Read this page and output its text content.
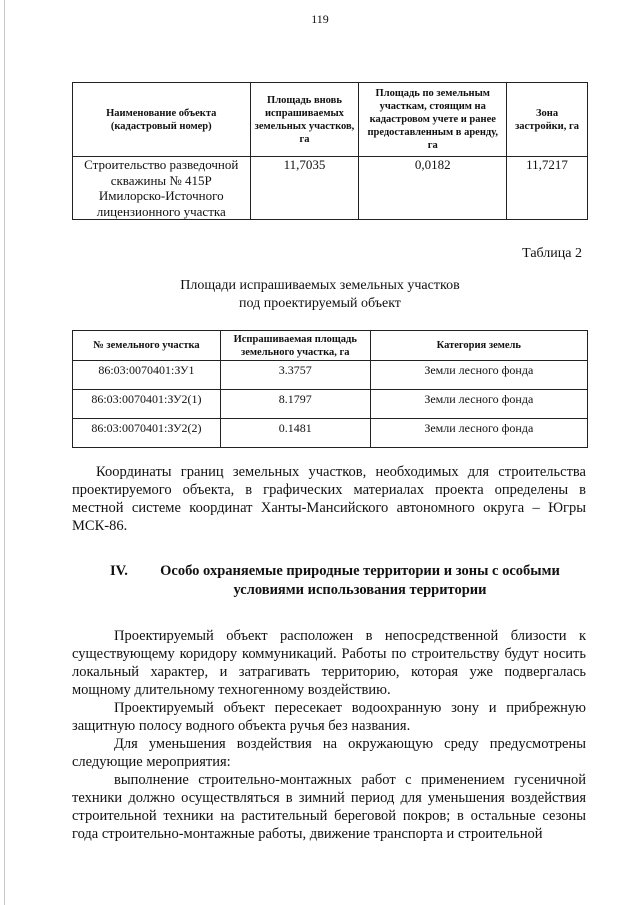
119
Наименование объекта (кадастровый номер)	Площадь вновь испрашиваемых земельных участков, га	Площадь по земельным участкам, стоящим на кадастровом учете и ранее предоставленным в аренду, га	Зона застройки, га
Строительство разведочной скважины № 415Р Имилорско-Источного лицензионного участка	11,7035	0,0182	11,7217
Таблица 2
Площади испрашиваемых земельных участков
под проектируемый объект
№ земельного участка	Испрашиваемая площадь земельного участка, га	Категория земель
86:03:0070401:ЗУ1	3.3757	Земли лесного фонда
86:03:0070401:ЗУ2(1)	8.1797	Земли лесного фонда
86:03:0070401:ЗУ2(2)	0.1481	Земли лесного фонда

Координаты границ земельных участков, необходимых для строительства проектируемого объекта, в графических материалах проекта определены в местной системе координат Ханты-Мансийского автономного округа – Югры МСК-86.

IV.	Особо охраняемые природные территории и зоны с особыми
условиями использования территории

Проектируемый объект расположен в непосредственной близости к существующему коридору коммуникаций. Работы по строительству будут носить локальный характер, и затрагивать территорию, которая уже подвергалась мощному длительному техногенному воздействию.

Проектируемый объект пересекает водоохранную зону и прибрежную защитную полосу водного объекта ручья без названия.

Для уменьшения воздействия на окружающую среду предусмотрены следующие мероприятия:

выполнение строительно-монтажных работ с применением гусеничной техники должно осуществляться в зимний период для уменьшения воздействия строительной техники на растительный береговой покров; в остальные сезоны года строительно-монтажные работы, движение транспорта и строительной
